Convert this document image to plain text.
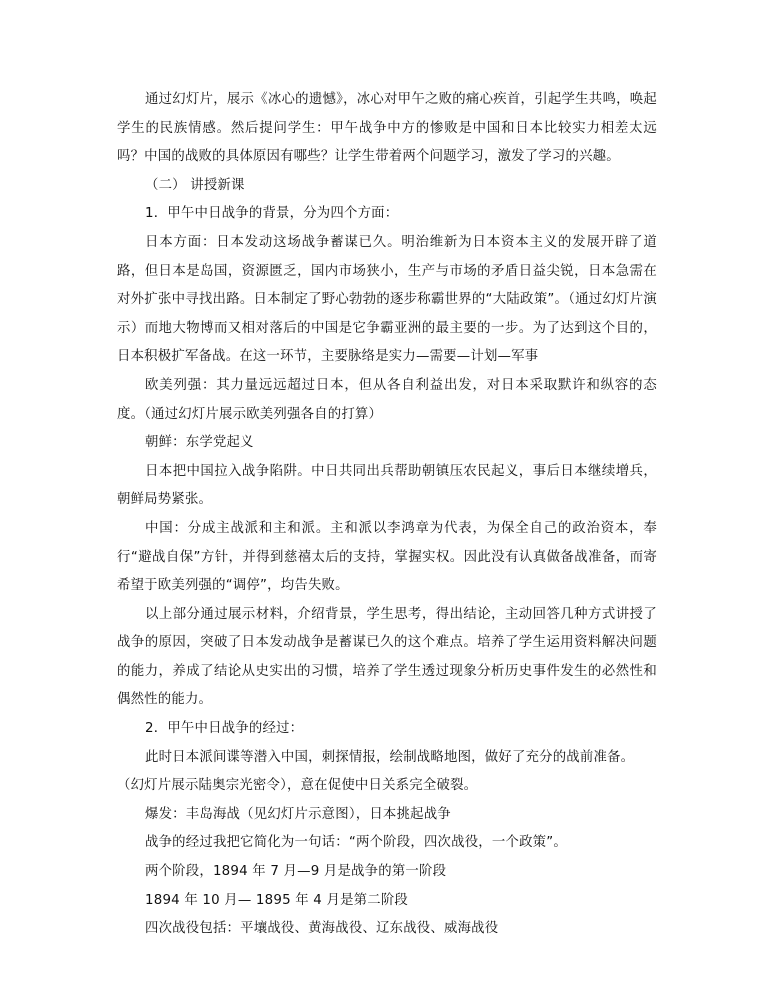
通过幻灯片，展示《冰心的遗憾》，冰心对甲午之败的痛心疾首，引起学生共鸣，唤起学生的民族情感。然后提问学生：甲午战争中方的惨败是中国和日本比较实力相差太远吗？中国的战败的具体原因有哪些？让学生带着两个问题学习，激发了学习的兴趣。

（二） 讲授新课

1．甲午中日战争的背景，分为四个方面：

日本方面：日本发动这场战争蓄谋已久。明治维新为日本资本主义的发展开辟了道路，但日本是岛国，资源匮乏，国内市场狭小，生产与市场的矛盾日益尖锐，日本急需在对外扩张中寻找出路。日本制定了野心勃勃的逐步称霸世界的“大陆政策”。（通过幻灯片演示）而地大物博而又相对落后的中国是它争霸亚洲的最主要的一步。为了达到这个目的，日本积极扩军备战。在这一环节，主要脉络是实力—需要—计划—军事

欧美列强：其力量远远超过日本，但从各自利益出发，对日本采取默许和纵容的态度。（通过幻灯片展示欧美列强各自的打算）

朝鲜：东学党起义

日本把中国拉入战争陷阱。中日共同出兵帮助朝镇压农民起义，事后日本继续增兵，朝鲜局势紧张。

中国：分成主战派和主和派。主和派以李鸿章为代表，为保全自己的政治资本，奉行“避战自保”方针，并得到慈禧太后的支持，掌握实权。因此没有认真做备战准备，而寄希望于欧美列强的“调停”，均告失败。

以上部分通过展示材料，介绍背景，学生思考，得出结论，主动回答几种方式讲授了战争的原因，突破了日本发动战争是蓄谋已久的这个难点。培养了学生运用资料解决问题的能力，养成了结论从史实出的习惯，培养了学生透过现象分析历史事件发生的必然性和偶然性的能力。

2．甲午中日战争的经过：

此时日本派间谍等潜入中国，刺探情报，绘制战略地图，做好了充分的战前准备。

（幻灯片展示陆奥宗光密令），意在促使中日关系完全破裂。

爆发：丰岛海战（见幻灯片示意图），日本挑起战争

战争的经过我把它简化为一句话：“两个阶段，四次战役，一个政策”。

两个阶段，1894 年 7 月—9 月是战争的第一阶段

1894 年 10 月— 1895 年 4 月是第二阶段

四次战役包括：平壤战役、黄海战役、辽东战役、威海战役
